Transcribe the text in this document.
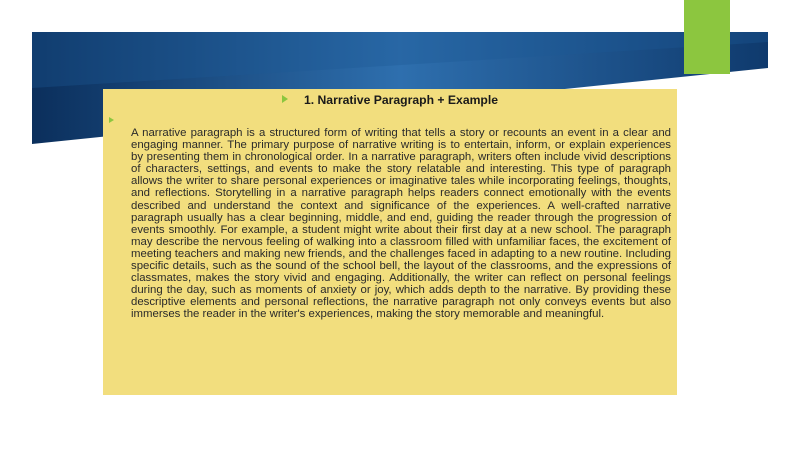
1. Narrative Paragraph + Example

A narrative paragraph is a structured form of writing that tells a story or recounts an event in a clear and engaging manner. The primary purpose of narrative writing is to entertain, inform, or explain experiences by presenting them in chronological order. In a narrative paragraph, writers often include vivid descriptions of characters, settings, and events to make the story relatable and interesting. This type of paragraph allows the writer to share personal experiences or imaginative tales while incorporating feelings, thoughts, and reflections. Storytelling in a narrative paragraph helps readers connect emotionally with the events described and understand the context and significance of the experiences. A well-crafted narrative paragraph usually has a clear beginning, middle, and end, guiding the reader through the progression of events smoothly. For example, a student might write about their first day at a new school. The paragraph may describe the nervous feeling of walking into a classroom filled with unfamiliar faces, the excitement of meeting teachers and making new friends, and the challenges faced in adapting to a new routine. Including specific details, such as the sound of the school bell, the layout of the classrooms, and the expressions of classmates, makes the story vivid and engaging. Additionally, the writer can reflect on personal feelings during the day, such as moments of anxiety or joy, which adds depth to the narrative. By providing these descriptive elements and personal reflections, the narrative paragraph not only conveys events but also immerses the reader in the writer's experiences, making the story memorable and meaningful.
